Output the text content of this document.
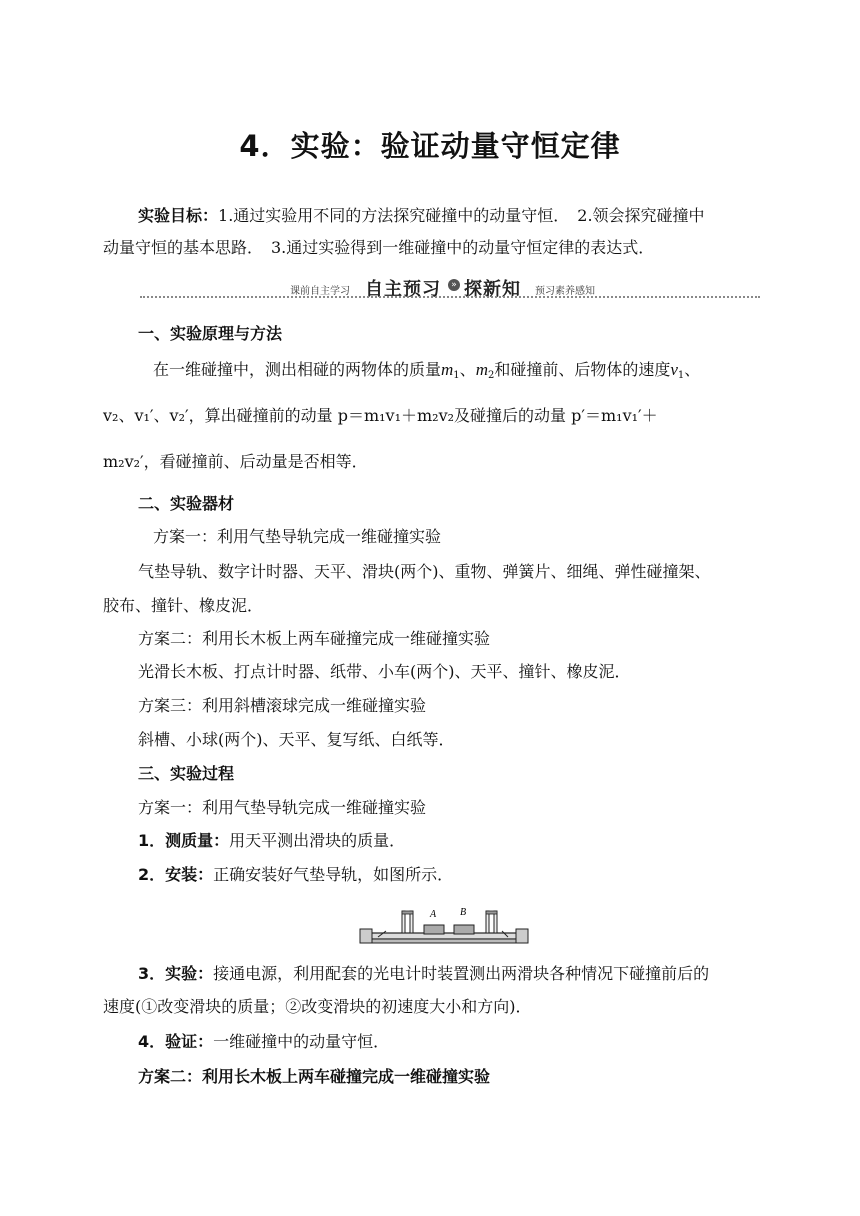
4．实验：验证动量守恒定律
实验目标：1.通过实验用不同的方法探究碰撞中的动量守恒．　2.领会探究碰撞中
动量守恒的基本思路．　3.通过实验得到一维碰撞中的动量守恒定律的表达式．
课前自主学习 自主预习	» 探新知 预习素养感知
一、实验原理与方法
在一维碰撞中，测出相碰的两物体的质量$m_1$、$m_2$和碰撞前、后物体的速度$v_1$、
v₂、v₁′、v₂′，算出碰撞前的动量 p＝m₁v₁＋m₂v₂及碰撞后的动量 p′＝m₁v₁′＋
m₂v₂′，看碰撞前、后动量是否相等．
二、实验器材
方案一：利用气垫导轨完成一维碰撞实验
气垫导轨、数字计时器、天平、滑块(两个)、重物、弹簧片、细绳、弹性碰撞架、
胶布、撞针、橡皮泥．
方案二：利用长木板上两车碰撞完成一维碰撞实验
光滑长木板、打点计时器、纸带、小车(两个)、天平、撞针、橡皮泥．
方案三：利用斜槽滚球完成一维碰撞实验
斜槽、小球(两个)、天平、复写纸、白纸等．
三、实验过程
方案一：利用气垫导轨完成一维碰撞实验
1．测质量：用天平测出滑块的质量．
2．安装：正确安装好气垫导轨，如图所示．
A B
3．实验：接通电源，利用配套的光电计时装置测出两滑块各种情况下碰撞前后的
速度(①改变滑块的质量；②改变滑块的初速度大小和方向)．
4．验证：一维碰撞中的动量守恒．
方案二：利用长木板上两车碰撞完成一维碰撞实验
